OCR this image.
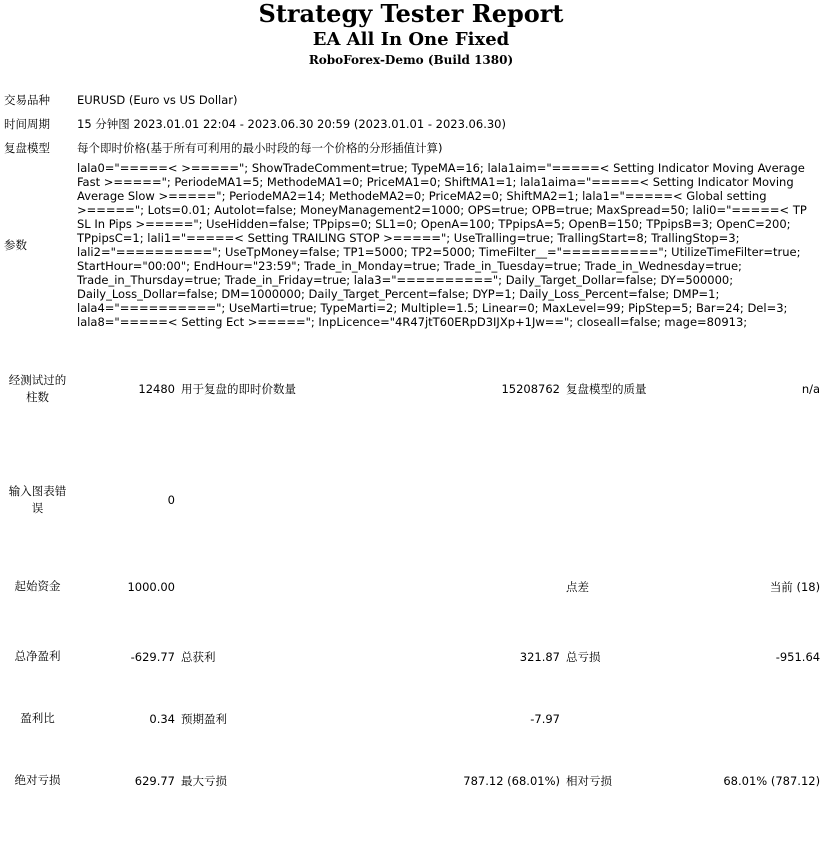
Strategy Tester Report
EA All In One Fixed
RoboForex-Demo (Build 1380)
交易品种	EURUSD (Euro vs US Dollar)				
时间周期	15 分钟图 2023.01.01 22:04 - 2023.06.30 20:59 (2023.01.01 - 2023.06.30)				
复盘模型	每个即时价格(基于所有可利用的最小时段的每一个价格的分形插值计算)				
参数	lala0="=====< >====="; ShowTradeComment=true; TypeMA=16; lala1aim="=====< Setting Indicator Moving Average Fast >====="; PeriodeMA1=5; MethodeMA1=0; PriceMA1=0; ShiftMA1=1; lala1aima="=====< Setting Indicator Moving Average Slow >====="; PeriodeMA2=14; MethodeMA2=0; PriceMA2=0; ShiftMA2=1; lala1="=====< Global setting >====="; Lots=0.01; Autolot=false; MoneyManagement2=1000; OPS=true; OPB=true; MaxSpread=50; lali0="=====< TP SL In Pips >====="; UseHidden=false; TPpips=0; SL1=0; OpenA=100; TPpipsA=5; OpenB=150; TPpipsB=3; OpenC=200; TPpipsC=1; lali1="=====< Setting TRAILING STOP >====="; UseTralling=true; TrallingStart=8; TrallingStop=3; lali2="=========="; UseTpMoney=false; TP1=5000; TP2=5000; TimeFilter__="=========="; UtilizeTimeFilter=true; StartHour="00:00"; EndHour="23:59"; Trade_in_Monday=true; Trade_in_Tuesday=true; Trade_in_Wednesday=true; Trade_in_Thursday=true; Trade_in_Friday=true; lala3="=========="; Daily_Target_Dollar=false; DY=500000; Daily_Loss_Dollar=false; DM=1000000; Daily_Target_Percent=false; DYP=1; Daily_Loss_Percent=false; DMP=1; lala4="=========="; UseMarti=true; TypeMarti=2; Multiple=1.5; Linear=0; MaxLevel=99; PipStep=5; Bar=24; Del=3; lala8="=====< Setting Ect >====="; InpLicence="4R47jtT60ERpD3IJXp+1Jw=="; closeall=false; mage=80913;				
经测试过的柱数	12480	用于复盘的即时价数量	15208762	复盘模型的质量	n/a
输入图表错误	0				
起始资金	1000.00			点差	当前 (18)
总净盈利	-629.77	总获利	321.87	总亏损	-951.64
盈利比	0.34	预期盈利	-7.97		
绝对亏损	629.77	最大亏损	787.12 (68.01%)	相对亏损	68.01% (787.12)
